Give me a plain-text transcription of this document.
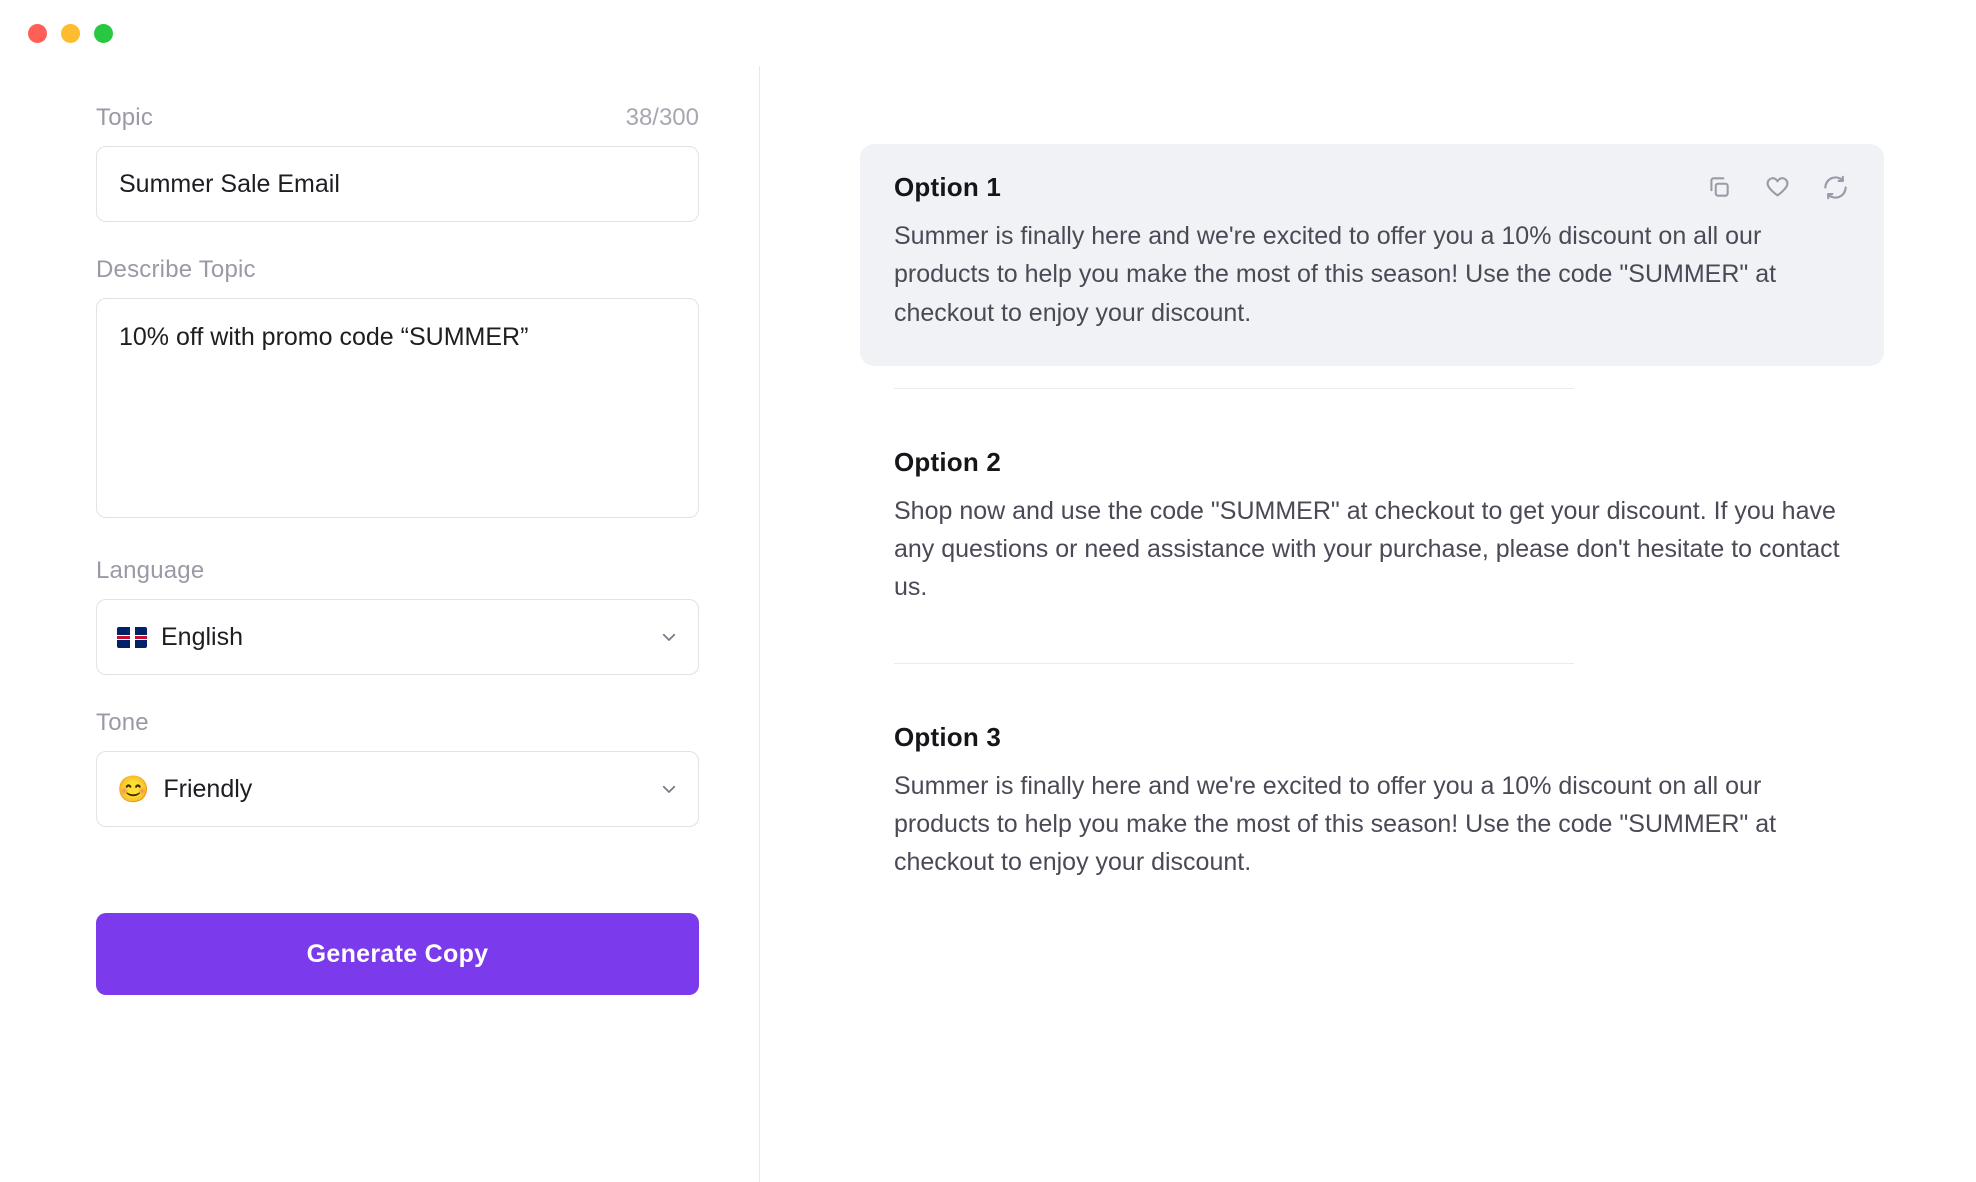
Topic	38/300
Summer Sale Email
Describe Topic
10% off with promo code “SUMMER”
Language
English
Tone
😊 Friendly
Generate Copy
Option 1
Summer is finally here and we're excited to offer you a 10% discount on all our products to help you make the most of this season! Use the code "SUMMER" at checkout to enjoy your discount.
Option 2
Shop now and use the code "SUMMER" at checkout to get your discount. If you have any questions or need assistance with your purchase, please don't hesitate to contact us.
Option 3
Summer is finally here and we're excited to offer you a 10% discount on all our products to help you make the most of this season! Use the code "SUMMER" at checkout to enjoy your discount.
